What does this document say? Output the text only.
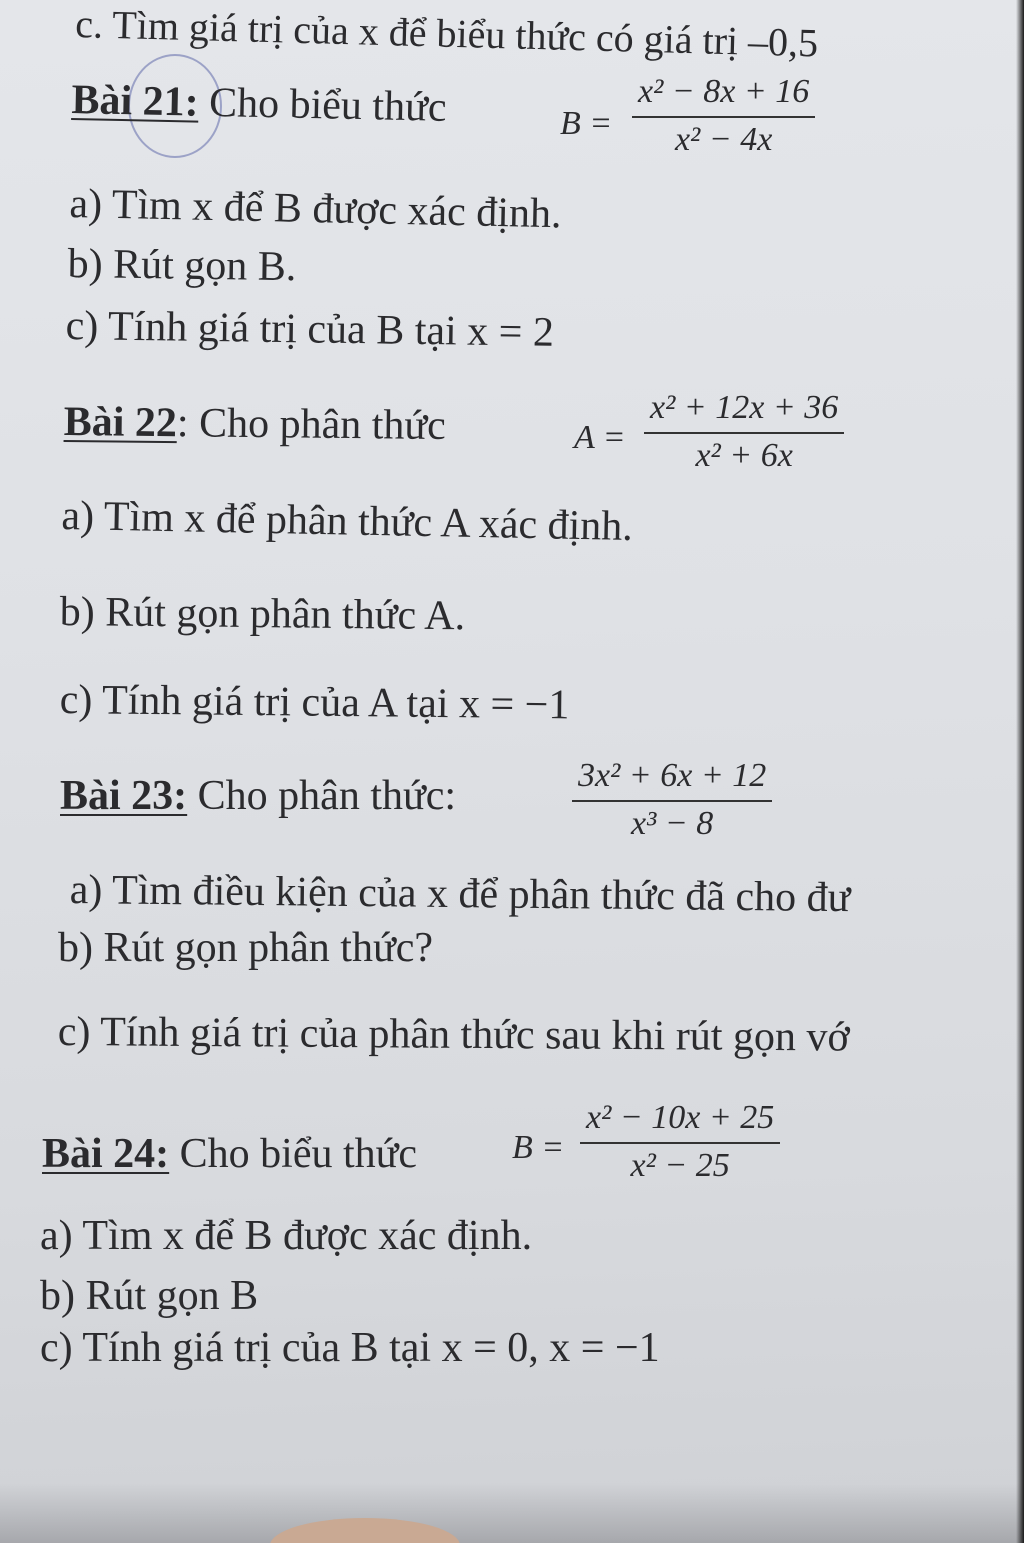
c. Tìm giá trị của x để biểu thức có giá trị –0,5
Bài 21: Cho biểu thức	$B = \frac{\text{x² − 8x + 16}}{\text{x² − 4x}}$
a) Tìm x để B được xác định.
b) Rút gọn B.
c) Tính giá trị của B tại x = 2
Bài 22: Cho phân thức	$A = \frac{\text{x² + 12x + 36}}{\text{x² + 6x}}$
a) Tìm x để phân thức A xác định.
b) Rút gọn phân thức A.
c) Tính giá trị của A tại x = −1
Bài 23: Cho phân thức:	$\frac{\text{3x² + 6x + 12}}{\text{x³ − 8}}$
a) Tìm điều kiện của x để phân thức đã cho đư
b) Rút gọn phân thức?
c) Tính giá trị của phân thức sau khi rút gọn vớ
Bài 24: Cho biểu thức	$B = \frac{\text{x² − 10x + 25}}{\text{x² − 25}}$
a) Tìm x để B được xác định.
b) Rút gọn B
c) Tính giá trị của B tại x = 0, x = −1
